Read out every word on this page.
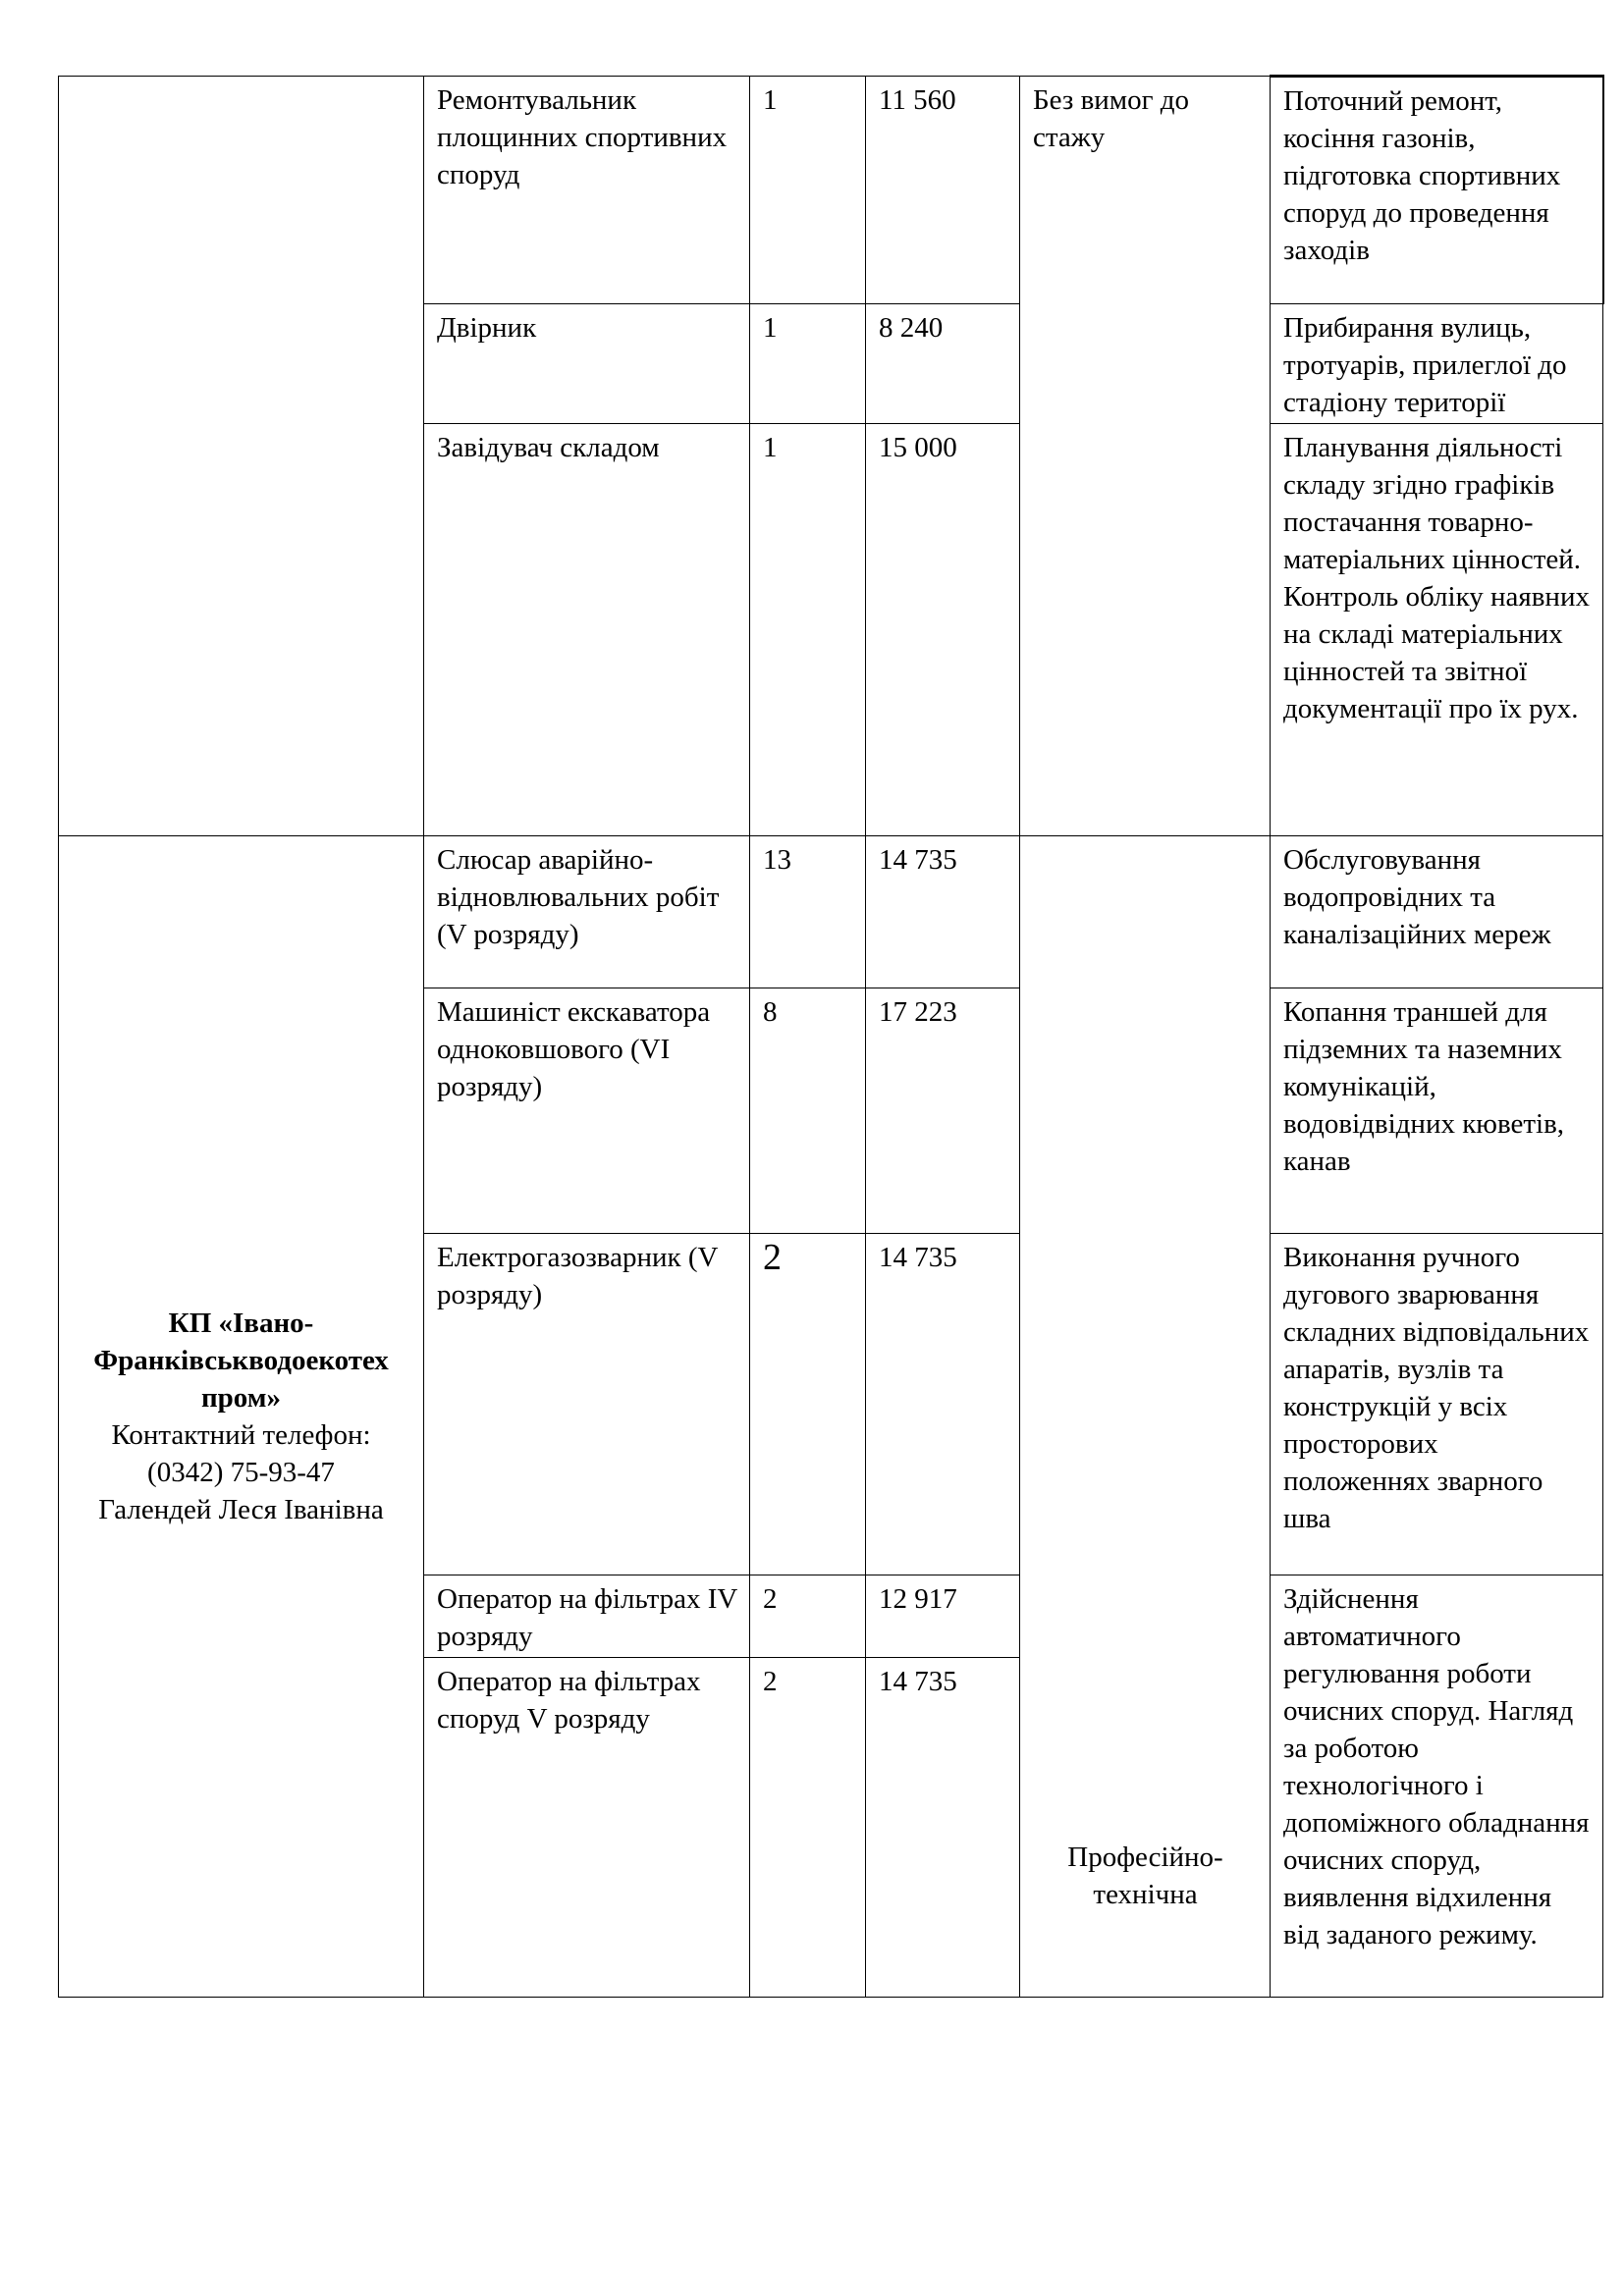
	Ремонтувальник площинних спортивних споруд	1	11 560	Без вимог до стажу	Поточний ремонт, косіння газонів, підготовка спортивних споруд до проведення заходів

	Двірник	1	8 240		Прибирання вулиць, тротуарів, прилеглої до стадіону території

	Завідувач складом	1	15 000		Планування діяльності складу згідно графіків постачання товарно-матеріальних цінностей. Контроль обліку наявних на складі матеріальних цінностей та звітної документації про їх рух.

КП «Івано-Франківськводоекотех пром»
Контактний телефон:
(0342) 75-93-47
Галендей Леся Іванівна	Слюсар аварійно-відновлювальних робіт (V розряду)	13	14 735		Обслуговування водопровідних та каналізаційних мереж

	Машиніст екскаватора одноковшового (VI розряду)	8	17 223		Копання траншей для підземних та наземних комунікацій, водовідвідних кюветів, канав

	Електрогазозварник (V розряду)	2	14 735		Виконання ручного дугового зварювання складних відповідальних апаратів, вузлів та конструкцій у всіх просторових положеннях зварного шва

	Оператор на фільтрах IV розряду	2	12 917	Професійно-технічна	Здійснення автоматичного регулювання роботи очисних споруд. Нагляд за роботою технологічного і допоміжного обладнання очисних споруд, виявлення відхилення від заданого режиму.

	Оператор на фільтрах споруд V розряду	2	14 735		
